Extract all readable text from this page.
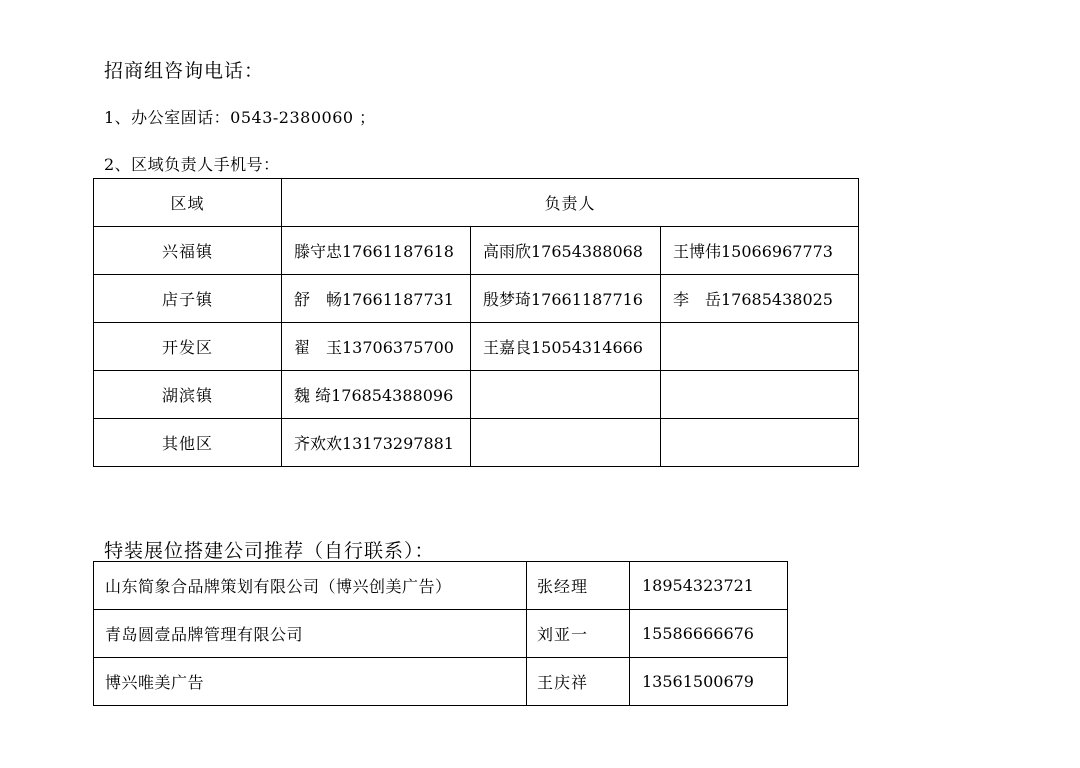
招商组咨询电话：
1、办公室固话：0543-2380060 ；
2、区域负责人手机号：
区域	负责人		
兴福镇	滕守忠17661187618	高雨欣17654388068	王博伟15066967773
店子镇	舒　畅17661187731	殷梦琦17661187716	李　岳17685438025
开发区	翟　玉13706375700	王嘉良15054314666	
湖滨镇	魏 绮176854388096		
其他区	齐欢欢13173297881		
特装展位搭建公司推荐（自行联系）：
山东简象合品牌策划有限公司（博兴创美广告）	张经理	18954323721
青岛圆壹品牌管理有限公司	刘亚一	15586666676
博兴唯美广告	王庆祥	13561500679
